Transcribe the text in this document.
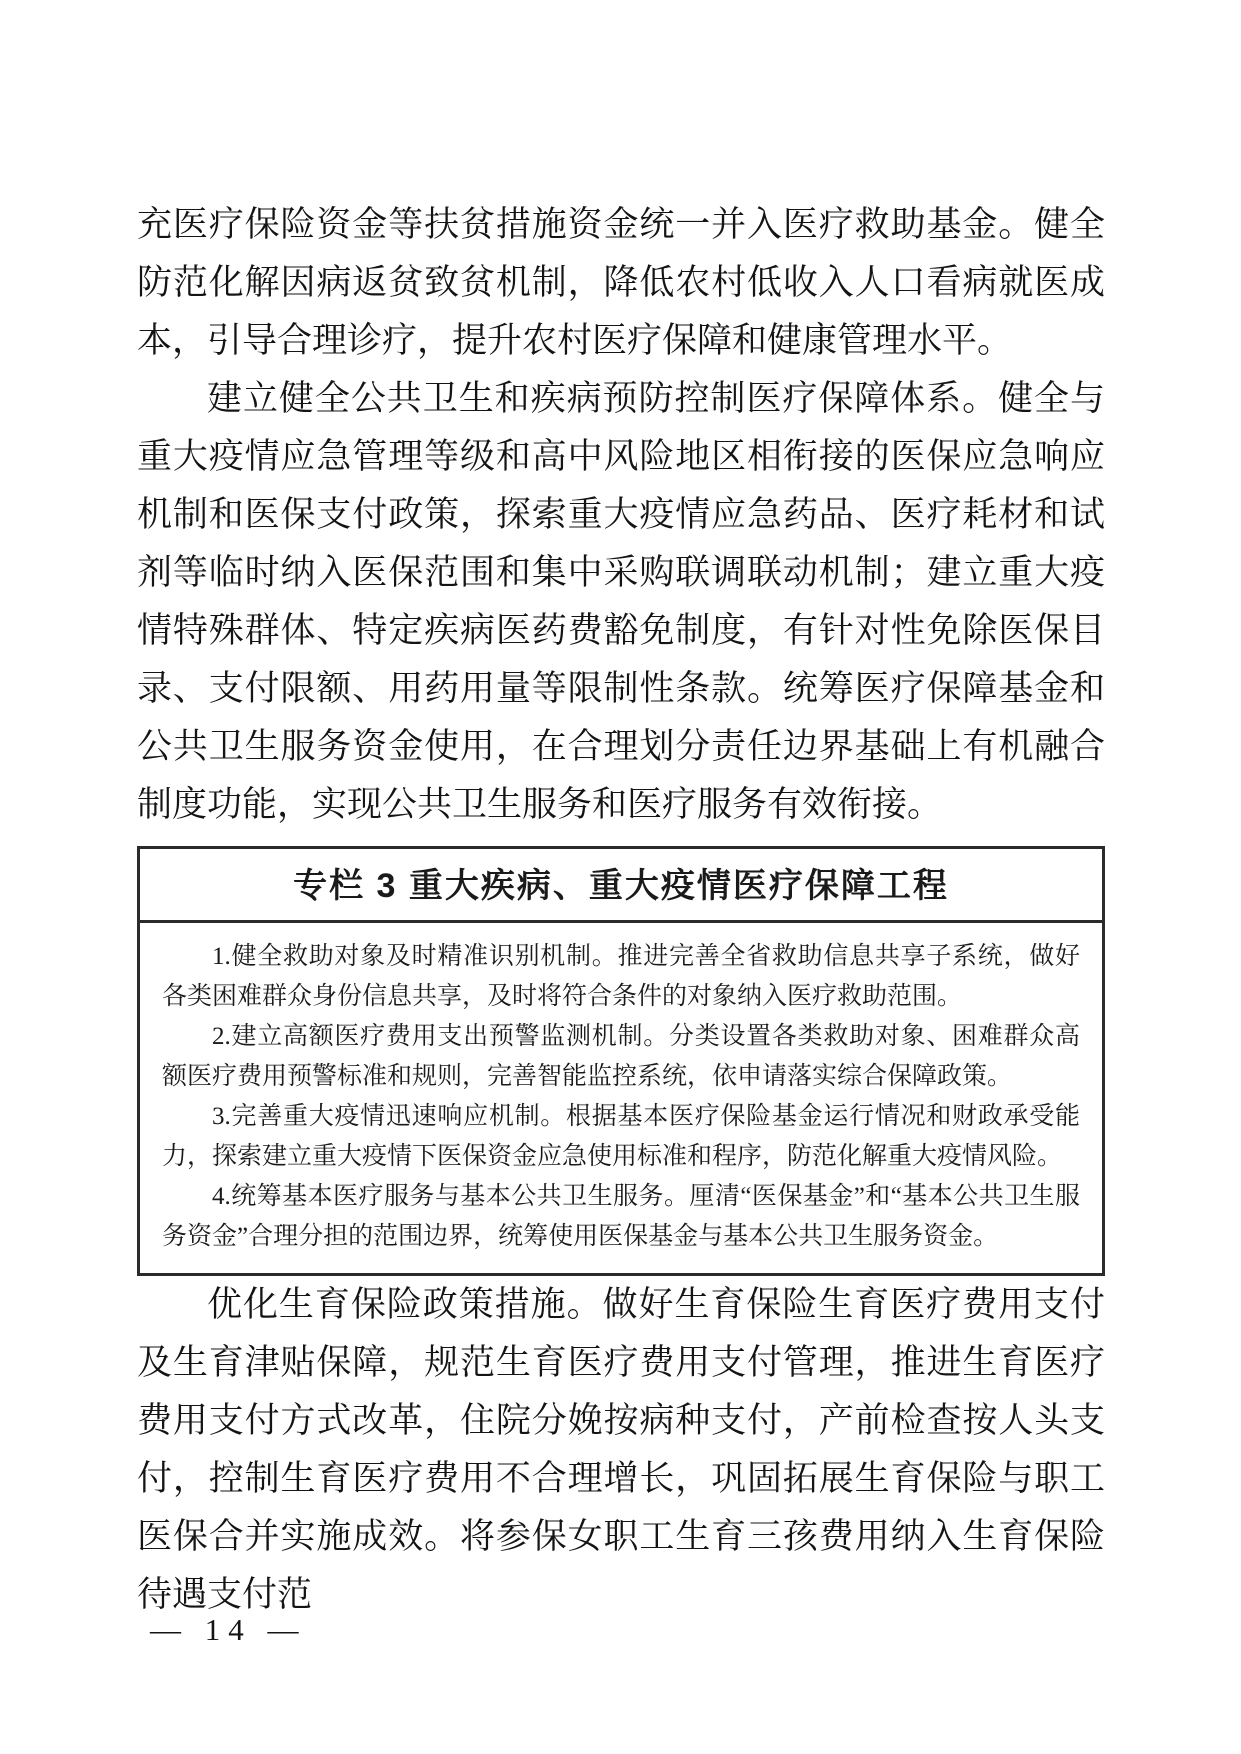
充医疗保险资金等扶贫措施资金统一并入医疗救助基金。健全防范化解因病返贫致贫机制，降低农村低收入人口看病就医成本，引导合理诊疗，提升农村医疗保障和健康管理水平。

建立健全公共卫生和疾病预防控制医疗保障体系。健全与重大疫情应急管理等级和高中风险地区相衔接的医保应急响应机制和医保支付政策，探索重大疫情应急药品、医疗耗材和试剂等临时纳入医保范围和集中采购联调联动机制；建立重大疫情特殊群体、特定疾病医药费豁免制度，有针对性免除医保目录、支付限额、用药用量等限制性条款。统筹医疗保障基金和公共卫生服务资金使用，在合理划分责任边界基础上有机融合制度功能，实现公共卫生服务和医疗服务有效衔接。

专栏 3 重大疾病、重大疫情医疗保障工程

1.健全救助对象及时精准识别机制。推进完善全省救助信息共享子系统，做好各类困难群众身份信息共享，及时将符合条件的对象纳入医疗救助范围。

2.建立高额医疗费用支出预警监测机制。分类设置各类救助对象、困难群众高额医疗费用预警标准和规则，完善智能监控系统，依申请落实综合保障政策。

3.完善重大疫情迅速响应机制。根据基本医疗保险基金运行情况和财政承受能力，探索建立重大疫情下医保资金应急使用标准和程序，防范化解重大疫情风险。

4.统筹基本医疗服务与基本公共卫生服务。厘清“医保基金”和“基本公共卫生服务资金”合理分担的范围边界，统筹使用医保基金与基本公共卫生服务资金。

优化生育保险政策措施。做好生育保险生育医疗费用支付及生育津贴保障，规范生育医疗费用支付管理，推进生育医疗费用支付方式改革，住院分娩按病种支付，产前检查按人头支付，控制生育医疗费用不合理增长，巩固拓展生育保险与职工医保合并实施成效。将参保女职工生育三孩费用纳入生育保险待遇支付范

— 14 —
